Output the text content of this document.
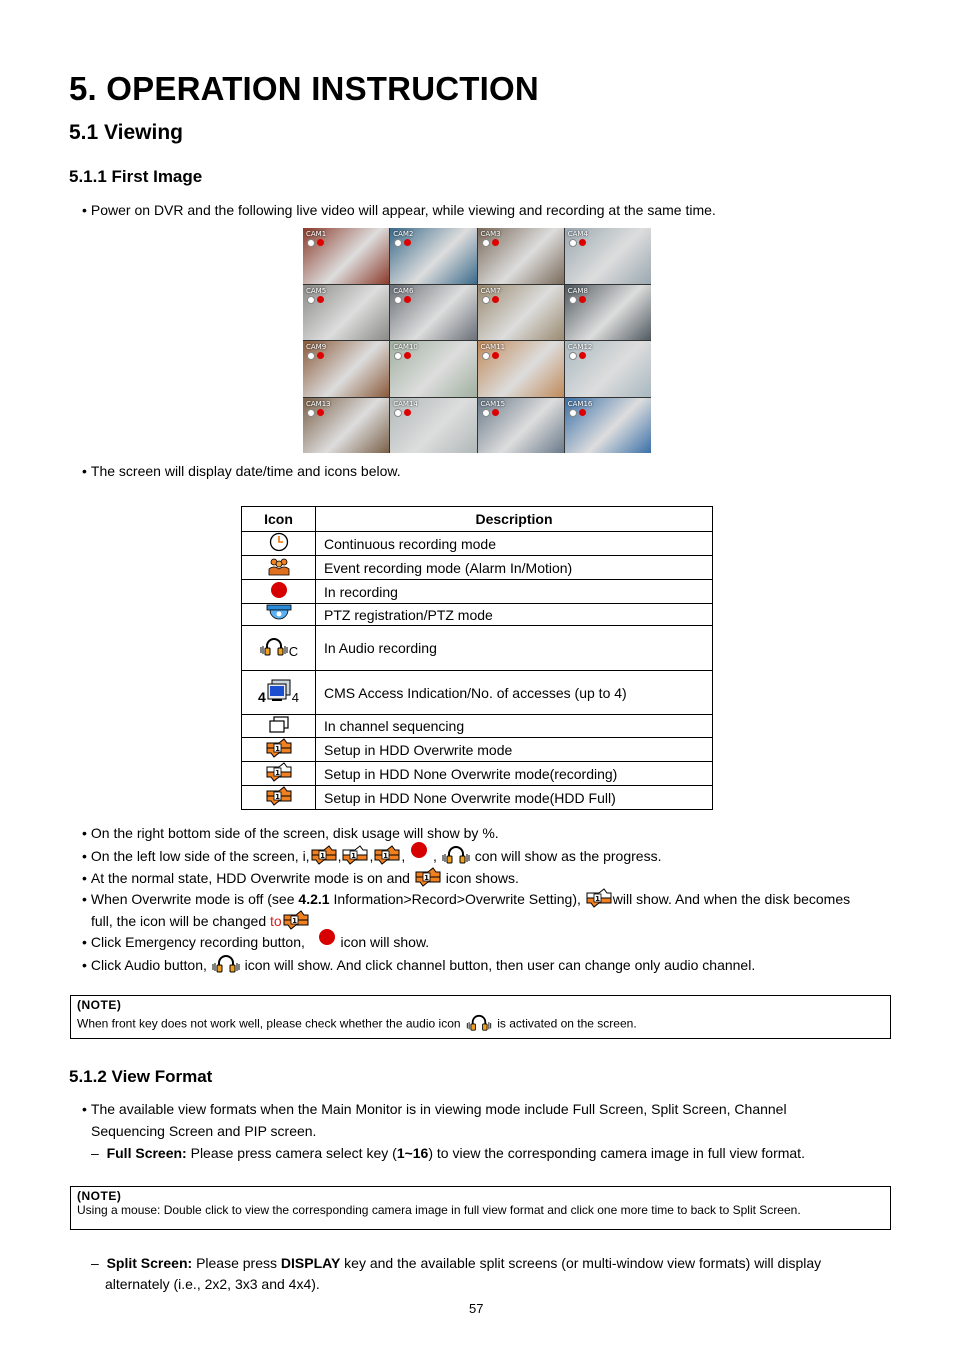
5. OPERATION INSTRUCTION
5.1 Viewing
5.1.1 First Image
• Power on DVR and the following live video will appear, while viewing and recording at the same time.
CAM1	CAM2	CAM3	CAM4
CAM5	CAM6	CAM7	CAM8
CAM9	CAM10	CAM11	CAM12
CAM13	CAM14	CAM15	CAM16
• The screen will display date/time and icons below.
Icon	Description
	Continuous recording mode
	Event recording mode (Alarm In/Motion)
	In recording
	PTZ registration/PTZ mode
C	In Audio recording
4 4	CMS Access Indication/No. of accesses (up to 4)
	In channel sequencing
	Setup in HDD Overwrite mode
	Setup in HDD None Overwrite mode(recording)
	Setup in HDD None Overwrite mode(HDD Full)
• On the right bottom side of the screen, disk usage will show by %.
• On the left low side of the screen, i, , , ,  ,  con will show as the progress.
• At the normal state, HDD Overwrite mode is on and	icon shows.
• When Overwrite mode is off (see 4.2.1 Information>Record>Overwrite Setting), will show. And when the disk becomes
full, the icon will be changed to
• Click Emergency recording button,	icon will show.
• Click Audio button,	icon will show. And click channel button, then user can change only audio channel.
(NOTE)
When front key does not work well, please check whether the audio icon	is activated on the screen.
5.1.2 View Format
• The available view formats when the Main Monitor is in viewing mode include Full Screen, Split Screen, Channel
Sequencing Screen and PIP screen.
– Full Screen: Please press camera select key (1~16) to view the corresponding camera image in full view format.
(NOTE)
Using a mouse: Double click to view the corresponding camera image in full view format and click one more time to back to Split Screen.
– Split Screen: Please press DISPLAY key and the available split screens (or multi-window view formats) will display
alternately (i.e., 2x2, 3x3 and 4x4).
57
